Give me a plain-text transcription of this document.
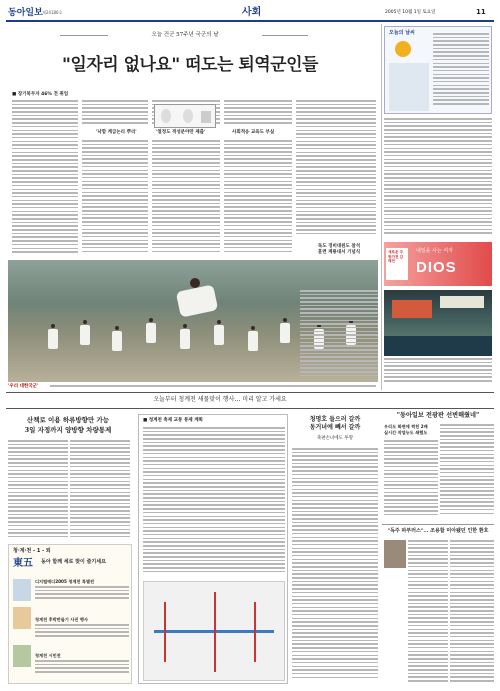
동아일보 제24186호	사회	2005년 10월 1일 토요일	11
오늘 건군 57주년 국군의 날
"일자리 없나요" 떠도는 퇴역군인들
■ 장기복무자 46% 전 취업
'낙함 계급논리 뿌리'	'열정도 적성분야만 제출'	사회적응 교육도 부실
'우리 대한국군'
독도 경비대원도 참석
훈련 계룡대서 기념식
오늘의 날씨
새로운 주방가전 감레전
내일을 사는 여자
DIOS
오늘부터 청계천 새물맞이 행사… 미리 알고 가세요
산책로 이용 하류방향만 가능
3일 자정까지 양방향 차량통제
청·계·천 - 1 - 퇴
東五 동아 함께 세로 맞이 즐기세요
디지털에디2005 청계천 특별전
청계천 후박반들기 사진 행사
청계천 시민전
■ 청계천 축제 교통 통제 계획	청명호 들으러 갈까
동거녀에 빼서 갈까
축판손녀에도 투망
"동아일보 전광판 선변해줬네"
우리도 화면에 찍힌 2배
실시간 작업능도 쇄했도
"독주 파부러스"… 조용할 미아됐던 인한 환호
